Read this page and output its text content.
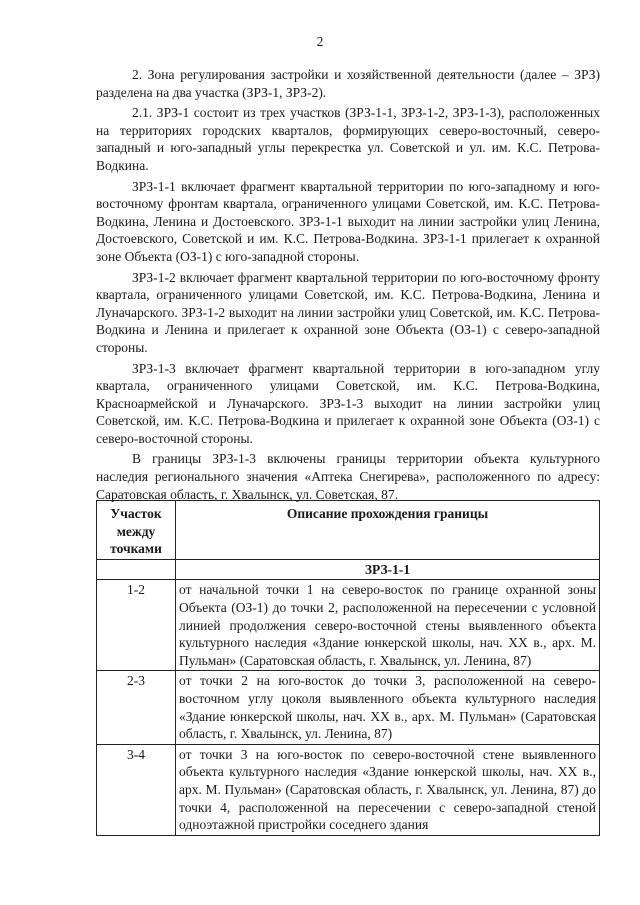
2

2. Зона регулирования застройки и хозяйственной деятельности (далее – ЗРЗ) разделена на два участка (ЗРЗ-1, ЗРЗ-2).

2.1. ЗРЗ-1 состоит из трех участков (ЗРЗ-1-1, ЗРЗ-1-2, ЗРЗ-1-3), расположенных на территориях городских кварталов, формирующих северо-восточный, северо-западный и юго-западный углы перекрестка ул. Советской и ул. им. К.С. Петрова-Водкина.

ЗРЗ-1-1 включает фрагмент квартальной территории по юго-западному и юго-восточному фронтам квартала, ограниченного улицами Советской, им. К.С. Петрова-Водкина, Ленина и Достоевского. ЗРЗ-1-1 выходит на линии застройки улиц Ленина, Достоевского, Советской и им. К.С. Петрова-Водкина. ЗРЗ-1-1 прилегает к охранной зоне Объекта (ОЗ-1) с юго-западной стороны.

ЗРЗ-1-2 включает фрагмент квартальной территории по юго-восточному фронту квартала, ограниченного улицами Советской, им. К.С. Петрова-Водкина, Ленина и Луначарского. ЗРЗ-1-2 выходит на линии застройки улиц Советской, им. К.С. Петрова-Водкина и Ленина и прилегает к охранной зоне Объекта (ОЗ-1) с северо-западной стороны.

ЗРЗ-1-3 включает фрагмент квартальной территории в юго-западном углу квартала, ограниченного улицами Советской, им. К.С. Петрова-Водкина, Красноармейской и Луначарского. ЗРЗ-1-3 выходит на линии застройки улиц Советской, им. К.С. Петрова-Водкина и прилегает к охранной зоне Объекта (ОЗ-1) с северо-восточной стороны.

В границы ЗРЗ-1-3 включены границы территории объекта культурного наследия регионального значения «Аптека Снегирева», расположенного по адресу: Саратовская область, г. Хвалынск, ул. Советская, 87.

Участок между точками	Описание прохождения границы
	ЗРЗ-1-1
1-2	от начальной точки 1 на северо-восток по границе охранной зоны Объекта (ОЗ-1) до точки 2, расположенной на пересечении с условной линией продолжения северо-восточной стены выявленного объекта культурного наследия «Здание юнкерской школы, нач. XX в., арх. М. Пульман» (Саратовская область, г. Хвалынск, ул. Ленина, 87)
2-3	от точки 2 на юго-восток до точки 3, расположенной на северо-восточном углу цоколя выявленного объекта культурного наследия «Здание юнкерской школы, нач. XX в., арх. М. Пульман» (Саратовская область, г. Хвалынск, ул. Ленина, 87)
3-4	от точки 3 на юго-восток по северо-восточной стене выявленного объекта культурного наследия «Здание юнкерской школы, нач. XX в., арх. М. Пульман» (Саратовская область, г. Хвалынск, ул. Ленина, 87) до точки 4, расположенной на пересечении с северо-западной стеной одноэтажной пристройки соседнего здания
